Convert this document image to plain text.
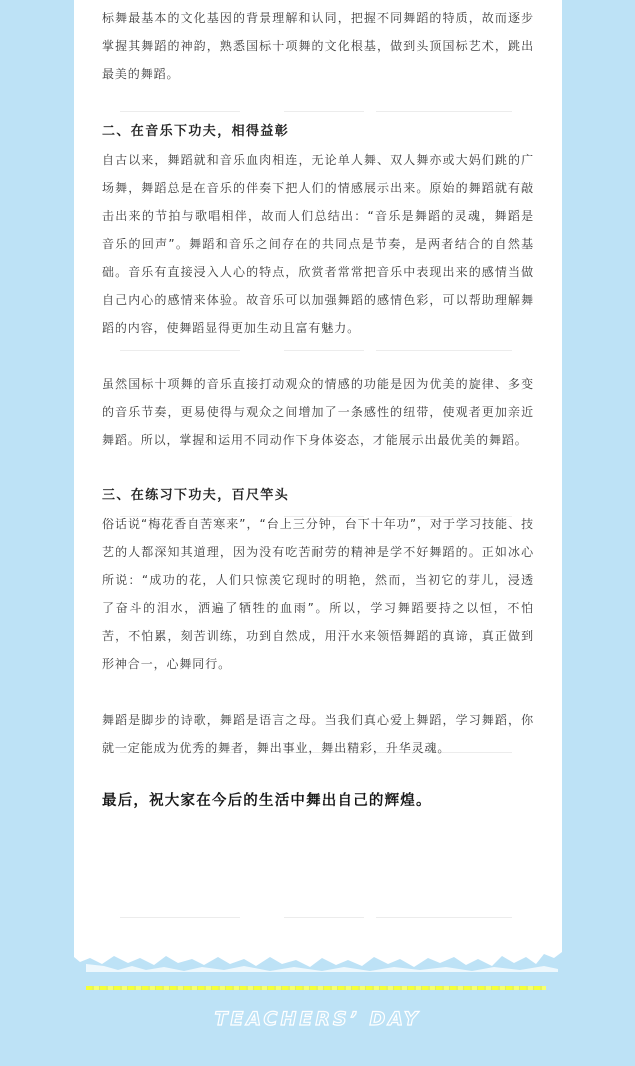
标舞最基本的文化基因的背景理解和认同，把握不同舞蹈的特质，故而逐步掌握其舞蹈的神韵，熟悉国标十项舞的文化根基，做到头顶国标艺术，跳出最美的舞蹈。

二、在音乐下功夫，相得益彰

自古以来，舞蹈就和音乐血肉相连，无论单人舞、双人舞亦或大妈们跳的广场舞，舞蹈总是在音乐的伴奏下把人们的情感展示出来。原始的舞蹈就有敲击出来的节拍与歌唱相伴，故而人们总结出：“音乐是舞蹈的灵魂，舞蹈是音乐的回声”。舞蹈和音乐之间存在的共同点是节奏，是两者结合的自然基础。音乐有直接浸入人心的特点，欣赏者常常把音乐中表现出来的感情当做自己内心的感情来体验。故音乐可以加强舞蹈的感情色彩，可以帮助理解舞蹈的内容，使舞蹈显得更加生动且富有魅力。

虽然国标十项舞的音乐直接打动观众的情感的功能是因为优美的旋律、多变的音乐节奏，更易使得与观众之间增加了一条感性的纽带，使观者更加亲近舞蹈。所以，掌握和运用不同动作下身体姿态，才能展示出最优美的舞蹈。

三、在练习下功夫，百尺竿头

俗话说“梅花香自苦寒来”，“台上三分钟，台下十年功”，对于学习技能、技艺的人都深知其道理，因为没有吃苦耐劳的精神是学不好舞蹈的。正如冰心所说：“成功的花，人们只惊羡它现时的明艳，然而，当初它的芽儿，浸透了奋斗的泪水，洒遍了牺牲的血雨”。所以，学习舞蹈要持之以恒，不怕苦，不怕累，刻苦训练，功到自然成，用汗水来领悟舞蹈的真谛，真正做到形神合一，心舞同行。

舞蹈是脚步的诗歌，舞蹈是语言之母。当我们真心爱上舞蹈，学习舞蹈，你就一定能成为优秀的舞者，舞出事业，舞出精彩，升华灵魂。

最后，祝大家在今后的生活中舞出自己的辉煌。
TEACHERS’ DAY
